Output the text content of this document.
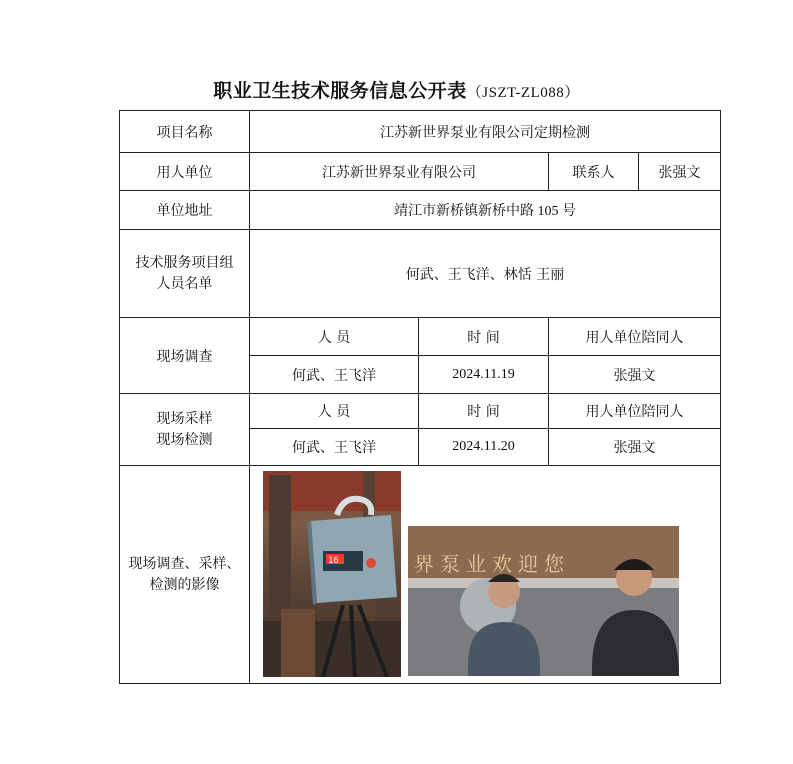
职业卫生技术服务信息公开表（JSZT-ZL088）
项目名称	江苏新世界泵业有限公司定期检测			
用人单位	江苏新世界泵业有限公司		联系人	张强文
单位地址	靖江市新桥镇新桥中路 105 号			
技术服务项目组人员名单	何武、王飞洋、林恬 王丽			
现场调查	人 员	时 间	用人单位陪同人	
	何武、王飞洋	2024.11.19	张强文	
现场采样现场检测	人 员	时 间	用人单位陪同人	
	何武、王飞洋	2024.11.20	张强文	
现场调查、采样、检测的影像	16 界泵业欢迎您			
